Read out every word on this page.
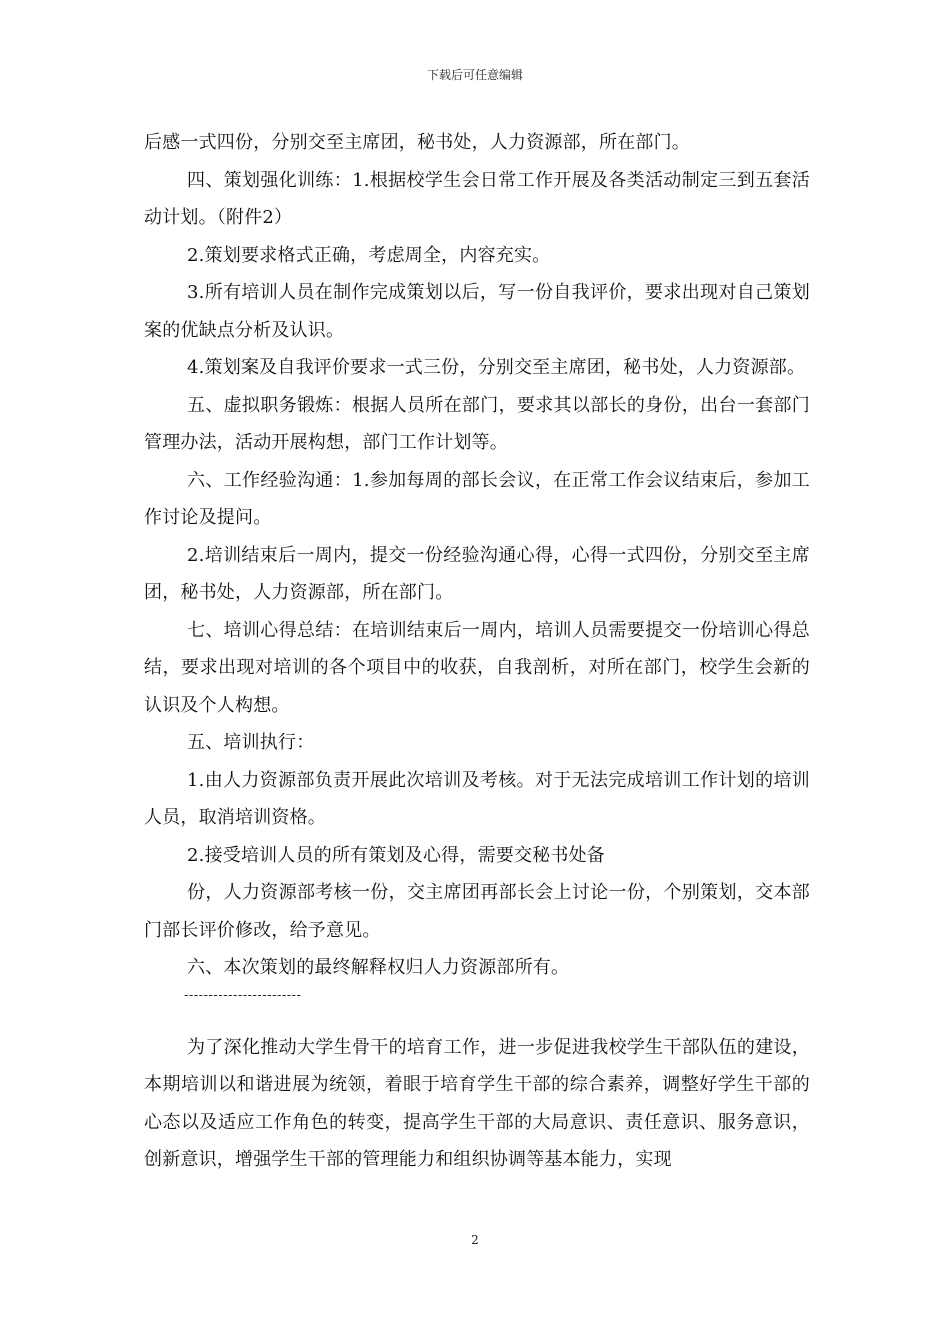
下载后可任意编辑

后感一式四份，分别交至主席团，秘书处，人力资源部，所在部门。

四、策划强化训练：1.根据校学生会日常工作开展及各类活动制定三到五套活动计划。（附件2）

2.策划要求格式正确，考虑周全，内容充实。

3.所有培训人员在制作完成策划以后，写一份自我评价，要求出现对自己策划案的优缺点分析及认识。

4.策划案及自我评价要求一式三份，分别交至主席团，秘书处，人力资源部。

五、虚拟职务锻炼：根据人员所在部门，要求其以部长的身份，出台一套部门管理办法，活动开展构想，部门工作计划等。

六、工作经验沟通：1.参加每周的部长会议，在正常工作会议结束后，参加工作讨论及提问。

2.培训结束后一周内，提交一份经验沟通心得，心得一式四份，分别交至主席团，秘书处，人力资源部，所在部门。

七、培训心得总结：在培训结束后一周内，培训人员需要提交一份培训心得总结，要求出现对培训的各个项目中的收获，自我剖析，对所在部门，校学生会新的认识及个人构想。

五、培训执行：

1.由人力资源部负责开展此次培训及考核。对于无法完成培训工作计划的培训人员，取消培训资格。

2.接受培训人员的所有策划及心得，需要交秘书处备

份，人力资源部考核一份，交主席团再部长会上讨论一份，个别策划，交本部门部长评价修改，给予意见。

六、本次策划的最终解释权归人力资源部所有。

------------------------

为了深化推动大学生骨干的培育工作，进一步促进我校学生干部队伍的建设，本期培训以和谐进展为统领，着眼于培育学生干部的综合素养，调整好学生干部的心态以及适应工作角色的转变，提高学生干部的大局意识、责任意识、服务意识，创新意识，增强学生干部的管理能力和组织协调等基本能力，实现

2
